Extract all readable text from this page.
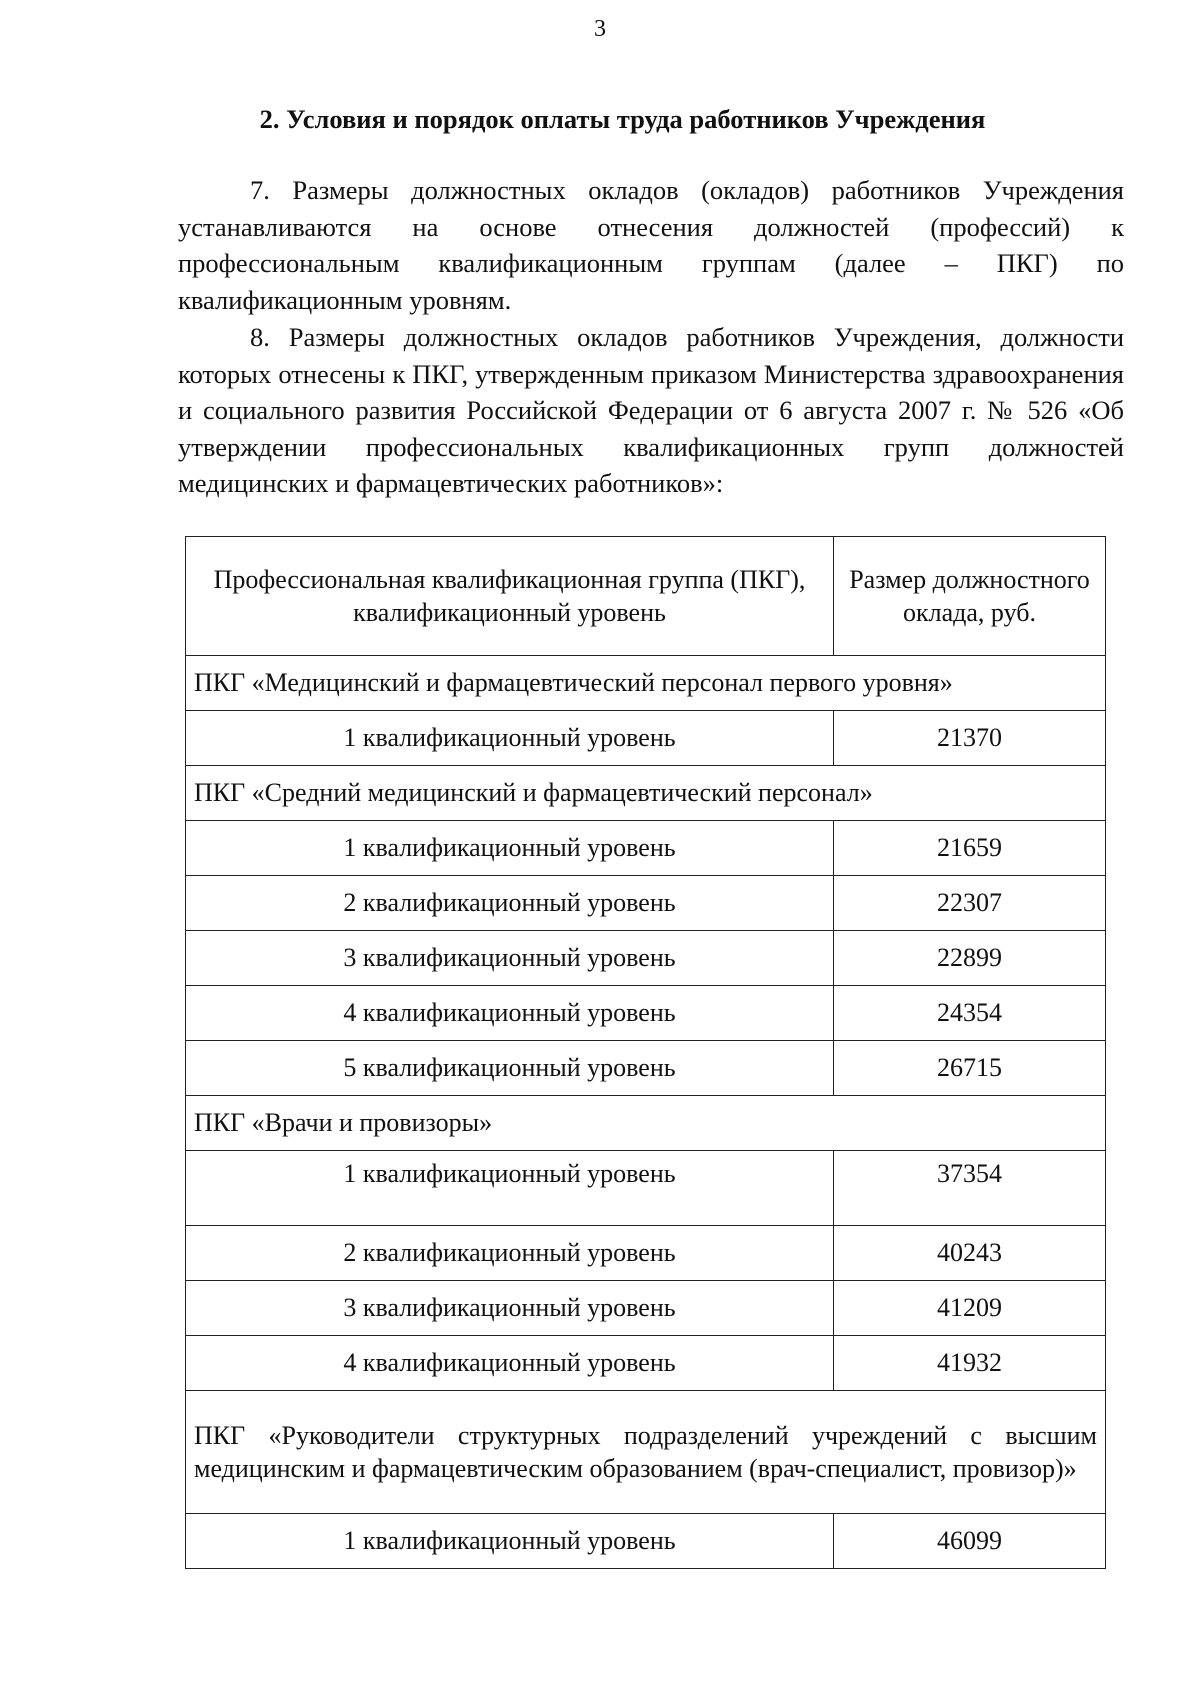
3
2. Условия и порядок оплаты труда работников Учреждения

7. Размеры должностных окладов (окладов) работников Учреждения устанавливаются на основе отнесения должностей (профессий) к профессиональным квалификационным группам (далее – ПКГ) по квалификационным уровням.

8. Размеры должностных окладов работников Учреждения, должности которых отнесены к ПКГ, утвержденным приказом Министерства здравоохранения и социального развития Российской Федерации от 6 августа 2007 г. № 526 «Об утверждении профессиональных квалификационных групп должностей медицинских и фармацевтических работников»:

Профессиональная квалификационная группа (ПКГ), квалификационный уровень	Размер должностного оклада, руб.
ПКГ «Медицинский и фармацевтический персонал первого уровня»	
1 квалификационный уровень	21370
ПКГ «Средний медицинский и фармацевтический персонал»	
1 квалификационный уровень	21659
2 квалификационный уровень	22307
3 квалификационный уровень	22899
4 квалификационный уровень	24354
5 квалификационный уровень	26715
ПКГ «Врачи и провизоры»	
1 квалификационный уровень	37354
2 квалификационный уровень	40243
3 квалификационный уровень	41209
4 квалификационный уровень	41932
ПКГ «Руководители структурных подразделений учреждений с высшим медицинским и фармацевтическим образованием (врач-специалист, провизор)»	
1 квалификационный уровень	46099
